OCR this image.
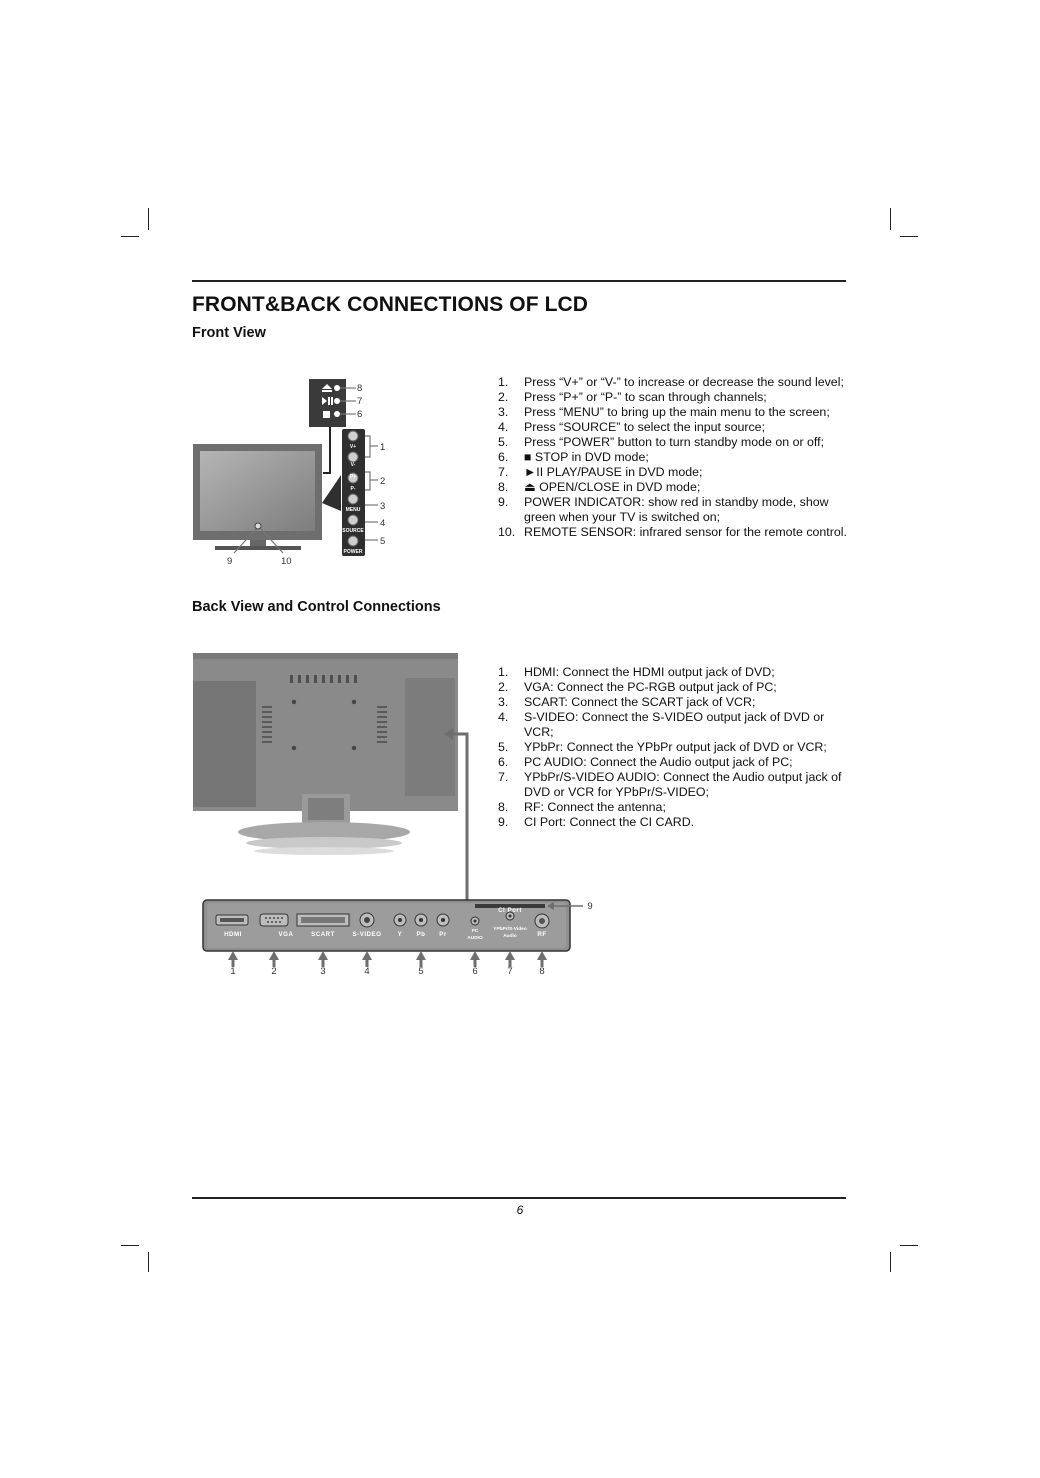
FRONT&BACK CONNECTIONS OF LCD
Front View
8
7
6
V+
V-
P+
P-
MENU
SOURCE
POWER
1
2
3
4
5
9	10
1. Press “V+” or “V-” to increase or decrease the sound level;
2. Press “P+” or “P-” to scan through channels;
3. Press “MENU” to bring up the main menu to the screen;
4. Press “SOURCE” to select the input source;
5. Press “POWER” button to turn standby mode on or off;
6. ■ STOP in DVD mode;
7. ►II PLAY/PAUSE in DVD mode;
8. ⏏ OPEN/CLOSE in DVD mode;
9. POWER INDICATOR: show red in standby mode, show green when your TV is switched on;
10. REMOTE SENSOR: infrared sensor for the remote control.
Back View and Control Connections
HDMI	VGA	SCART	S-VIDEO	Y Pb Pr	RF
CI Port
PC
AUDIO
YPbPr/S-Video
Audio
1	2	3	4	5	6	7	8
9
1. HDMI: Connect the HDMI output jack of DVD;
2. VGA: Connect the PC-RGB output jack of PC;
3. SCART: Connect the SCART jack of VCR;
4. S-VIDEO: Connect the S-VIDEO output jack of DVD or VCR;
5. YPbPr: Connect the YPbPr output jack of DVD or VCR;
6. PC AUDIO: Connect the Audio output jack of PC;
7. YPbPr/S-VIDEO AUDIO: Connect the Audio output jack of DVD or VCR for YPbPr/S-VIDEO;
8. RF: Connect the antenna;
9. CI Port: Connect the CI CARD.
6
